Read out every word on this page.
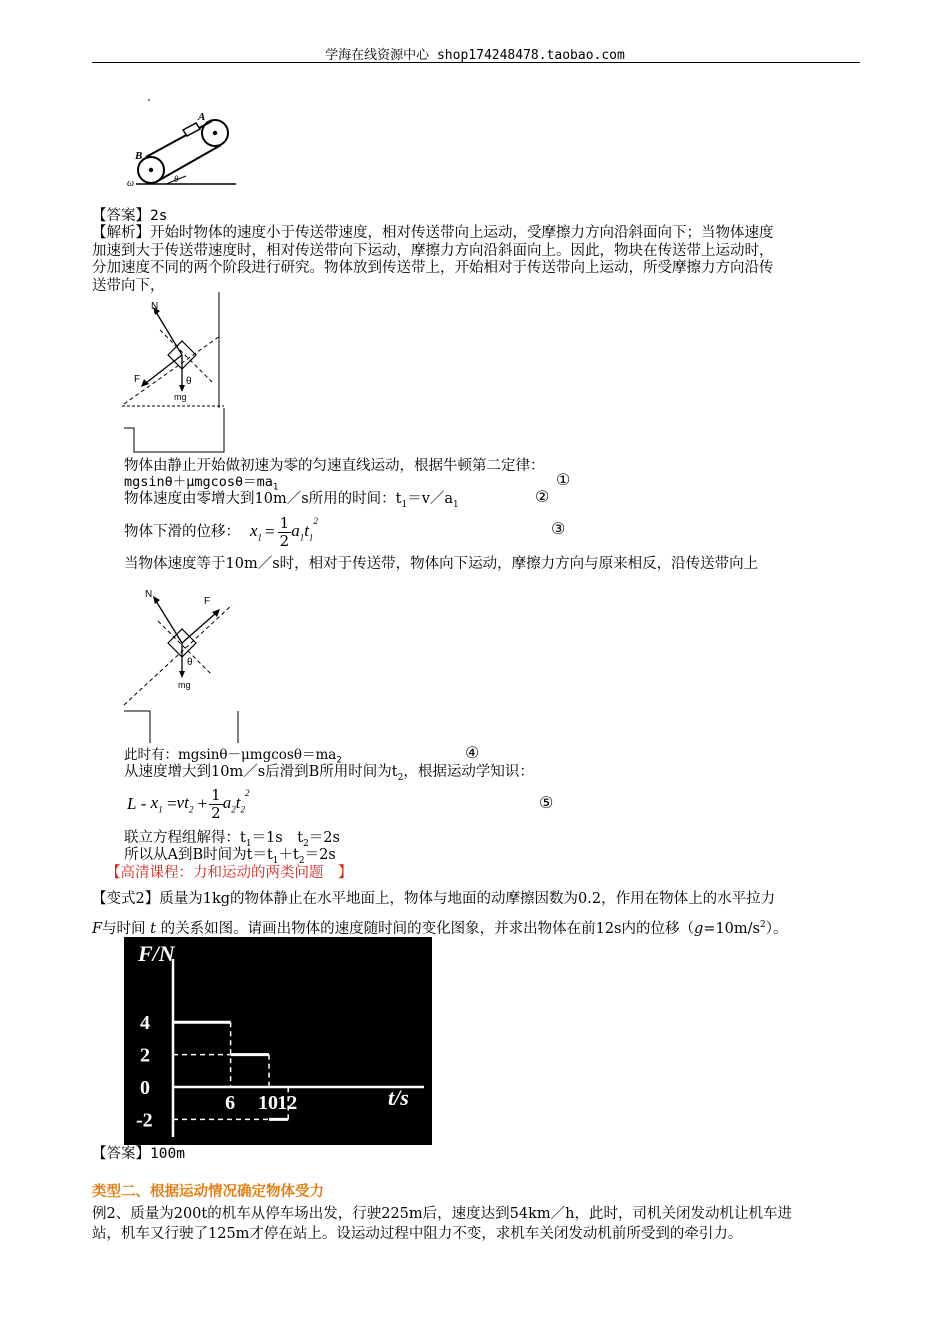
学海在线资源中心 shop174248478.taobao.com
A
B
ω	θ
【答案】2s
【解析】开始时物体的速度小于传送带速度，相对传送带向上运动，受摩擦力方向沿斜面向下；当物体速度
加速到大于传送带速度时，相对传送带向下运动，摩擦力方向沿斜面向上。因此，物块在传送带上运动时，
分加速度不同的两个阶段进行研究。物体放到传送带上，开始相对于传送带向上运动，所受摩擦力方向沿传
送带向下，
N
F	θ
mg
物体由静止开始做初速为零的匀速直线运动，根据牛顿第二定律：
$mgsin\theta+\mu mgcos\theta=ma_1$	①
物体速度由零增大到10m／s所用的时间：$t_1=v/a_1$	②
物体下滑的位移： $x_1 = \frac{1}{2} a_1t_1^2$	③
当物体速度等于10m／s时，相对于传送带，物体向下运动，摩擦力方向与原来相反，沿传送带向上
N
F
θ
mg
此时有：$mgsin\theta-\mu mgcos\theta=ma_2$	④
从速度增大到10m／s后滑到B所用时间为$t_2$，根据运动学知识：
$L - x_1 = vt_2 + \frac{1}{2} a_2t_2^2$
⑤
联立方程组解得：$t_1=1s$　$t_2=2s$
所以从A到B时间为$t=t_1+t_2=2s$
【高清课程：力和运动的两类问题　】
【变式2】质量为1kg的物体静止在水平地面上，物体与地面的动摩擦因数为0.2，作用在物体上的水平拉力
F与时间 t 的关系如图。请画出物体的速度随时间的变化图象，并求出物体在前12s内的位移$(g=10m/s^2)$。
4
2
0
-2
6 10 12
F/N
t/s
【答案】100m
类型二、根据运动情况确定物体受力
例2、质量为200t的机车从停车场出发，行驶225m后，速度达到54km／h，此时，司机关闭发动机让机车进
站，机车又行驶了125m才停在站上。设运动过程中阻力不变，求机车关闭发动机前所受到的牵引力。
